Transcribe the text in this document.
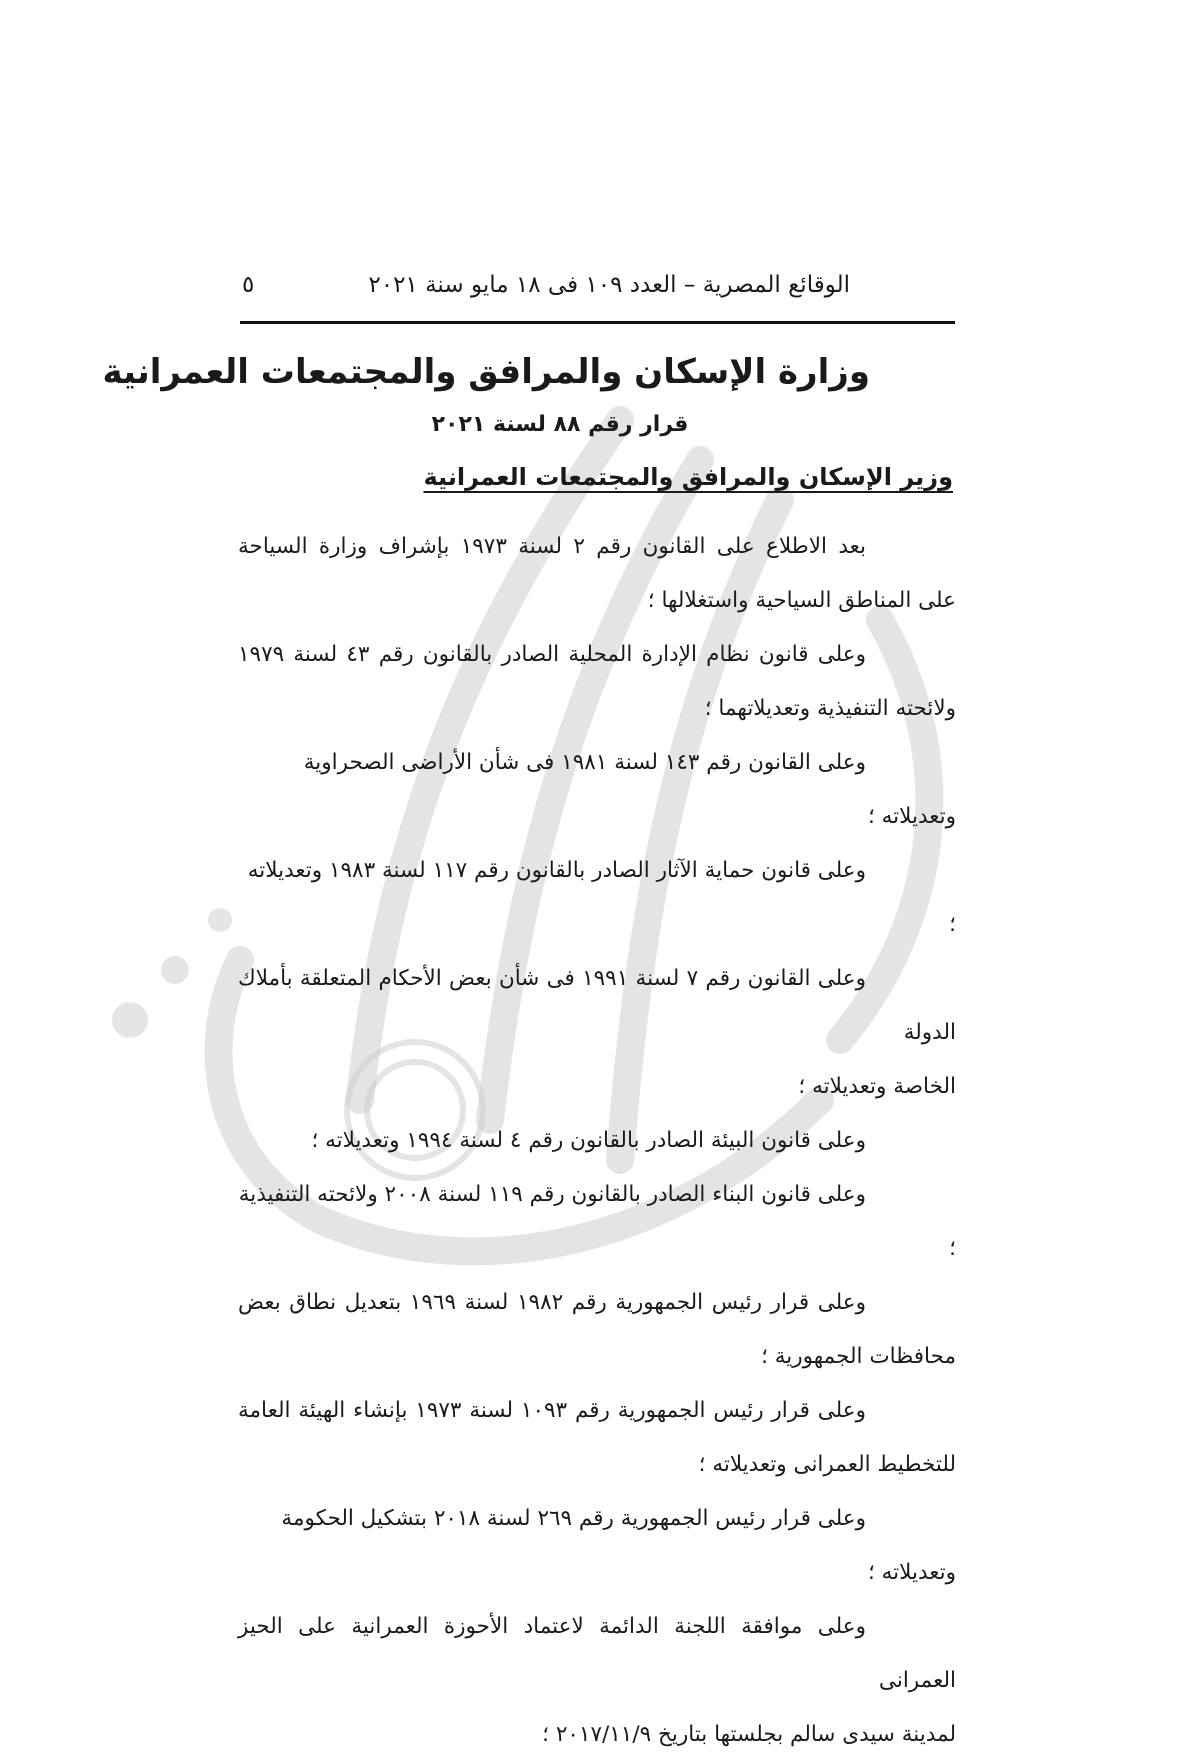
الوقائع المصرية – العدد ١٠٩ فى ١٨ مايو سنة ٢٠٢١
٥
وزارة الإسكان والمرافق والمجتمعات العمرانية
قرار رقم ٨٨ لسنة ٢٠٢١
وزير الإسكان والمرافق والمجتمعات العمرانية
بعد الاطلاع على القانون رقم ٢ لسنة ١٩٧٣ بإشراف وزارة السياحة
على المناطق السياحية واستغلالها ؛
وعلى قانون نظام الإدارة المحلية الصادر بالقانون رقم ٤٣ لسنة ١٩٧٩
ولائحته التنفيذية وتعديلاتهما ؛
وعلى القانون رقم ١٤٣ لسنة ١٩٨١ فى شأن الأراضى الصحراوية وتعديلاته ؛
وعلى قانون حماية الآثار الصادر بالقانون رقم ١١٧ لسنة ١٩٨٣ وتعديلاته ؛
وعلى القانون رقم ٧ لسنة ١٩٩١ فى شأن بعض الأحكام المتعلقة بأملاك الدولة
الخاصة وتعديلاته ؛
وعلى قانون البيئة الصادر بالقانون رقم ٤ لسنة ١٩٩٤ وتعديلاته ؛
وعلى قانون البناء الصادر بالقانون رقم ١١٩ لسنة ٢٠٠٨ ولائحته التنفيذية ؛
وعلى قرار رئيس الجمهورية رقم ١٩٨٢ لسنة ١٩٦٩ بتعديل نطاق بعض
محافظات الجمهورية ؛
وعلى قرار رئيس الجمهورية رقم ١٠٩٣ لسنة ١٩٧٣ بإنشاء الهيئة العامة
للتخطيط العمرانى وتعديلاته ؛
وعلى قرار رئيس الجمهورية رقم ٢٦٩ لسنة ٢٠١٨ بتشكيل الحكومة وتعديلاته ؛
وعلى موافقة اللجنة الدائمة لاعتماد الأحوزة العمرانية على الحيز العمرانى
لمدينة سيدى سالم بجلستها بتاريخ ٢٠١٧/١١/٩ ؛
